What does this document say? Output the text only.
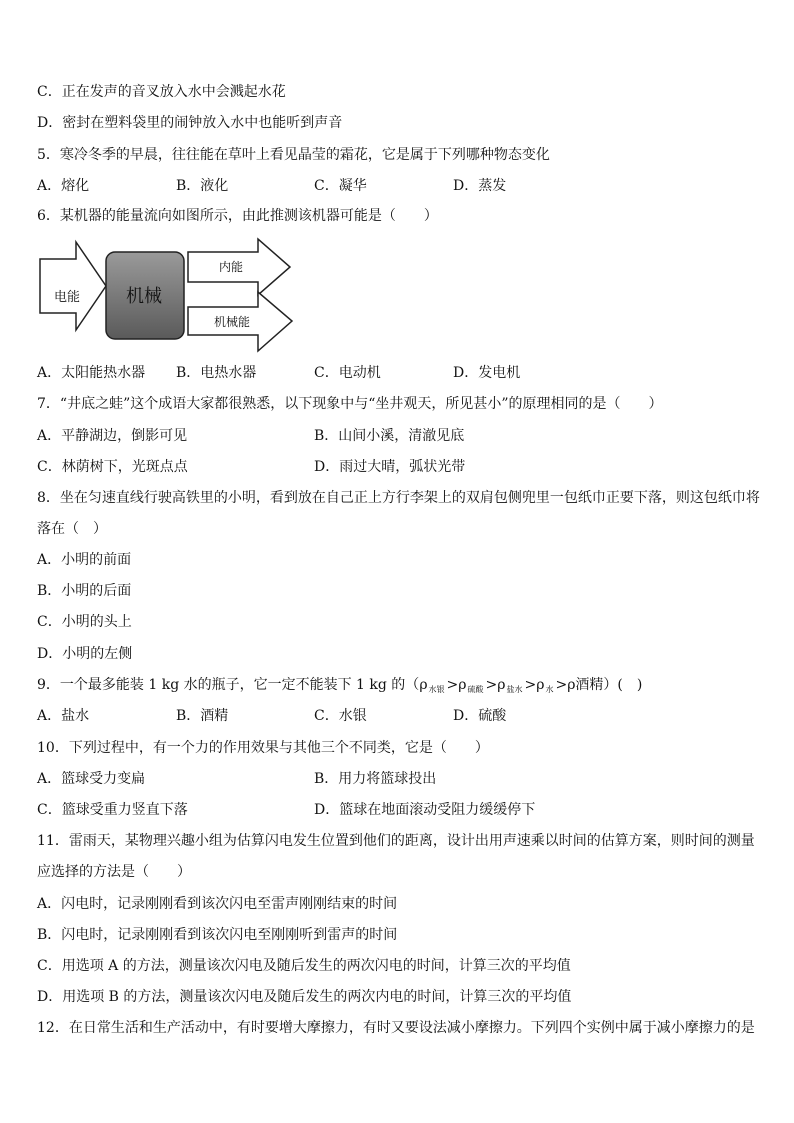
C．正在发声的音叉放入水中会溅起水花
D．密封在塑料袋里的闹钟放入水中也能听到声音
5．寒冷冬季的早晨，往往能在草叶上看见晶莹的霜花，它是属于下列哪种物态变化
A．熔化	B．液化	C．凝华	D．蒸发
6．某机器的能量流向如图所示，由此推测该机器可能是（　　）
电能	机械
内能
机械能
A．太阳能热水器 B．电热水器	C．电动机	D．发电机
7．“井底之蛙”这个成语大家都很熟悉，以下现象中与“坐井观天，所见甚小”的原理相同的是（　　）
A．平静湖边，倒影可见	B．山间小溪，清澈见底
C．林荫树下，光斑点点	D．雨过大晴，弧状光带
8．坐在匀速直线行驶高铁里的小明，看到放在自己正上方行李架上的双肩包侧兜里一包纸巾正要下落，则这包纸巾将
落在（　）
A．小明的前面
B．小明的后面
C．小明的头上
D．小明的左侧
9．一个最多能装 1 kg 水的瓶子，它一定不能装下 1 kg 的（$\rho_{水银} >\rho_{硫酸} >\rho_{盐水} >\rho_水 >\rho$酒精）(　)
A．盐水	B．酒精	C．水银	D．硫酸
10．下列过程中，有一个力的作用效果与其他三个不同类，它是（　　）
A．篮球受力变扁	B．用力将篮球投出
C．篮球受重力竖直下落	D．篮球在地面滚动受阻力缓缓停下
11．雷雨天，某物理兴趣小组为估算闪电发生位置到他们的距离，设计出用声速乘以时间的估算方案，则时间的测量
应选择的方法是（　　）
A．闪电时，记录刚刚看到该次闪电至雷声刚刚结束的时间
B．闪电时，记录刚刚看到该次闪电至刚刚听到雷声的时间
C．用选项 A 的方法，测量该次闪电及随后发生的两次闪电的时间，计算三次的平均值
D．用选项 B 的方法，测量该次闪电及随后发生的两次内电的时间，计算三次的平均值
12．在日常生活和生产活动中，有时要增大摩擦力，有时又要设法减小摩擦力。下列四个实例中属于减小摩擦力的是
